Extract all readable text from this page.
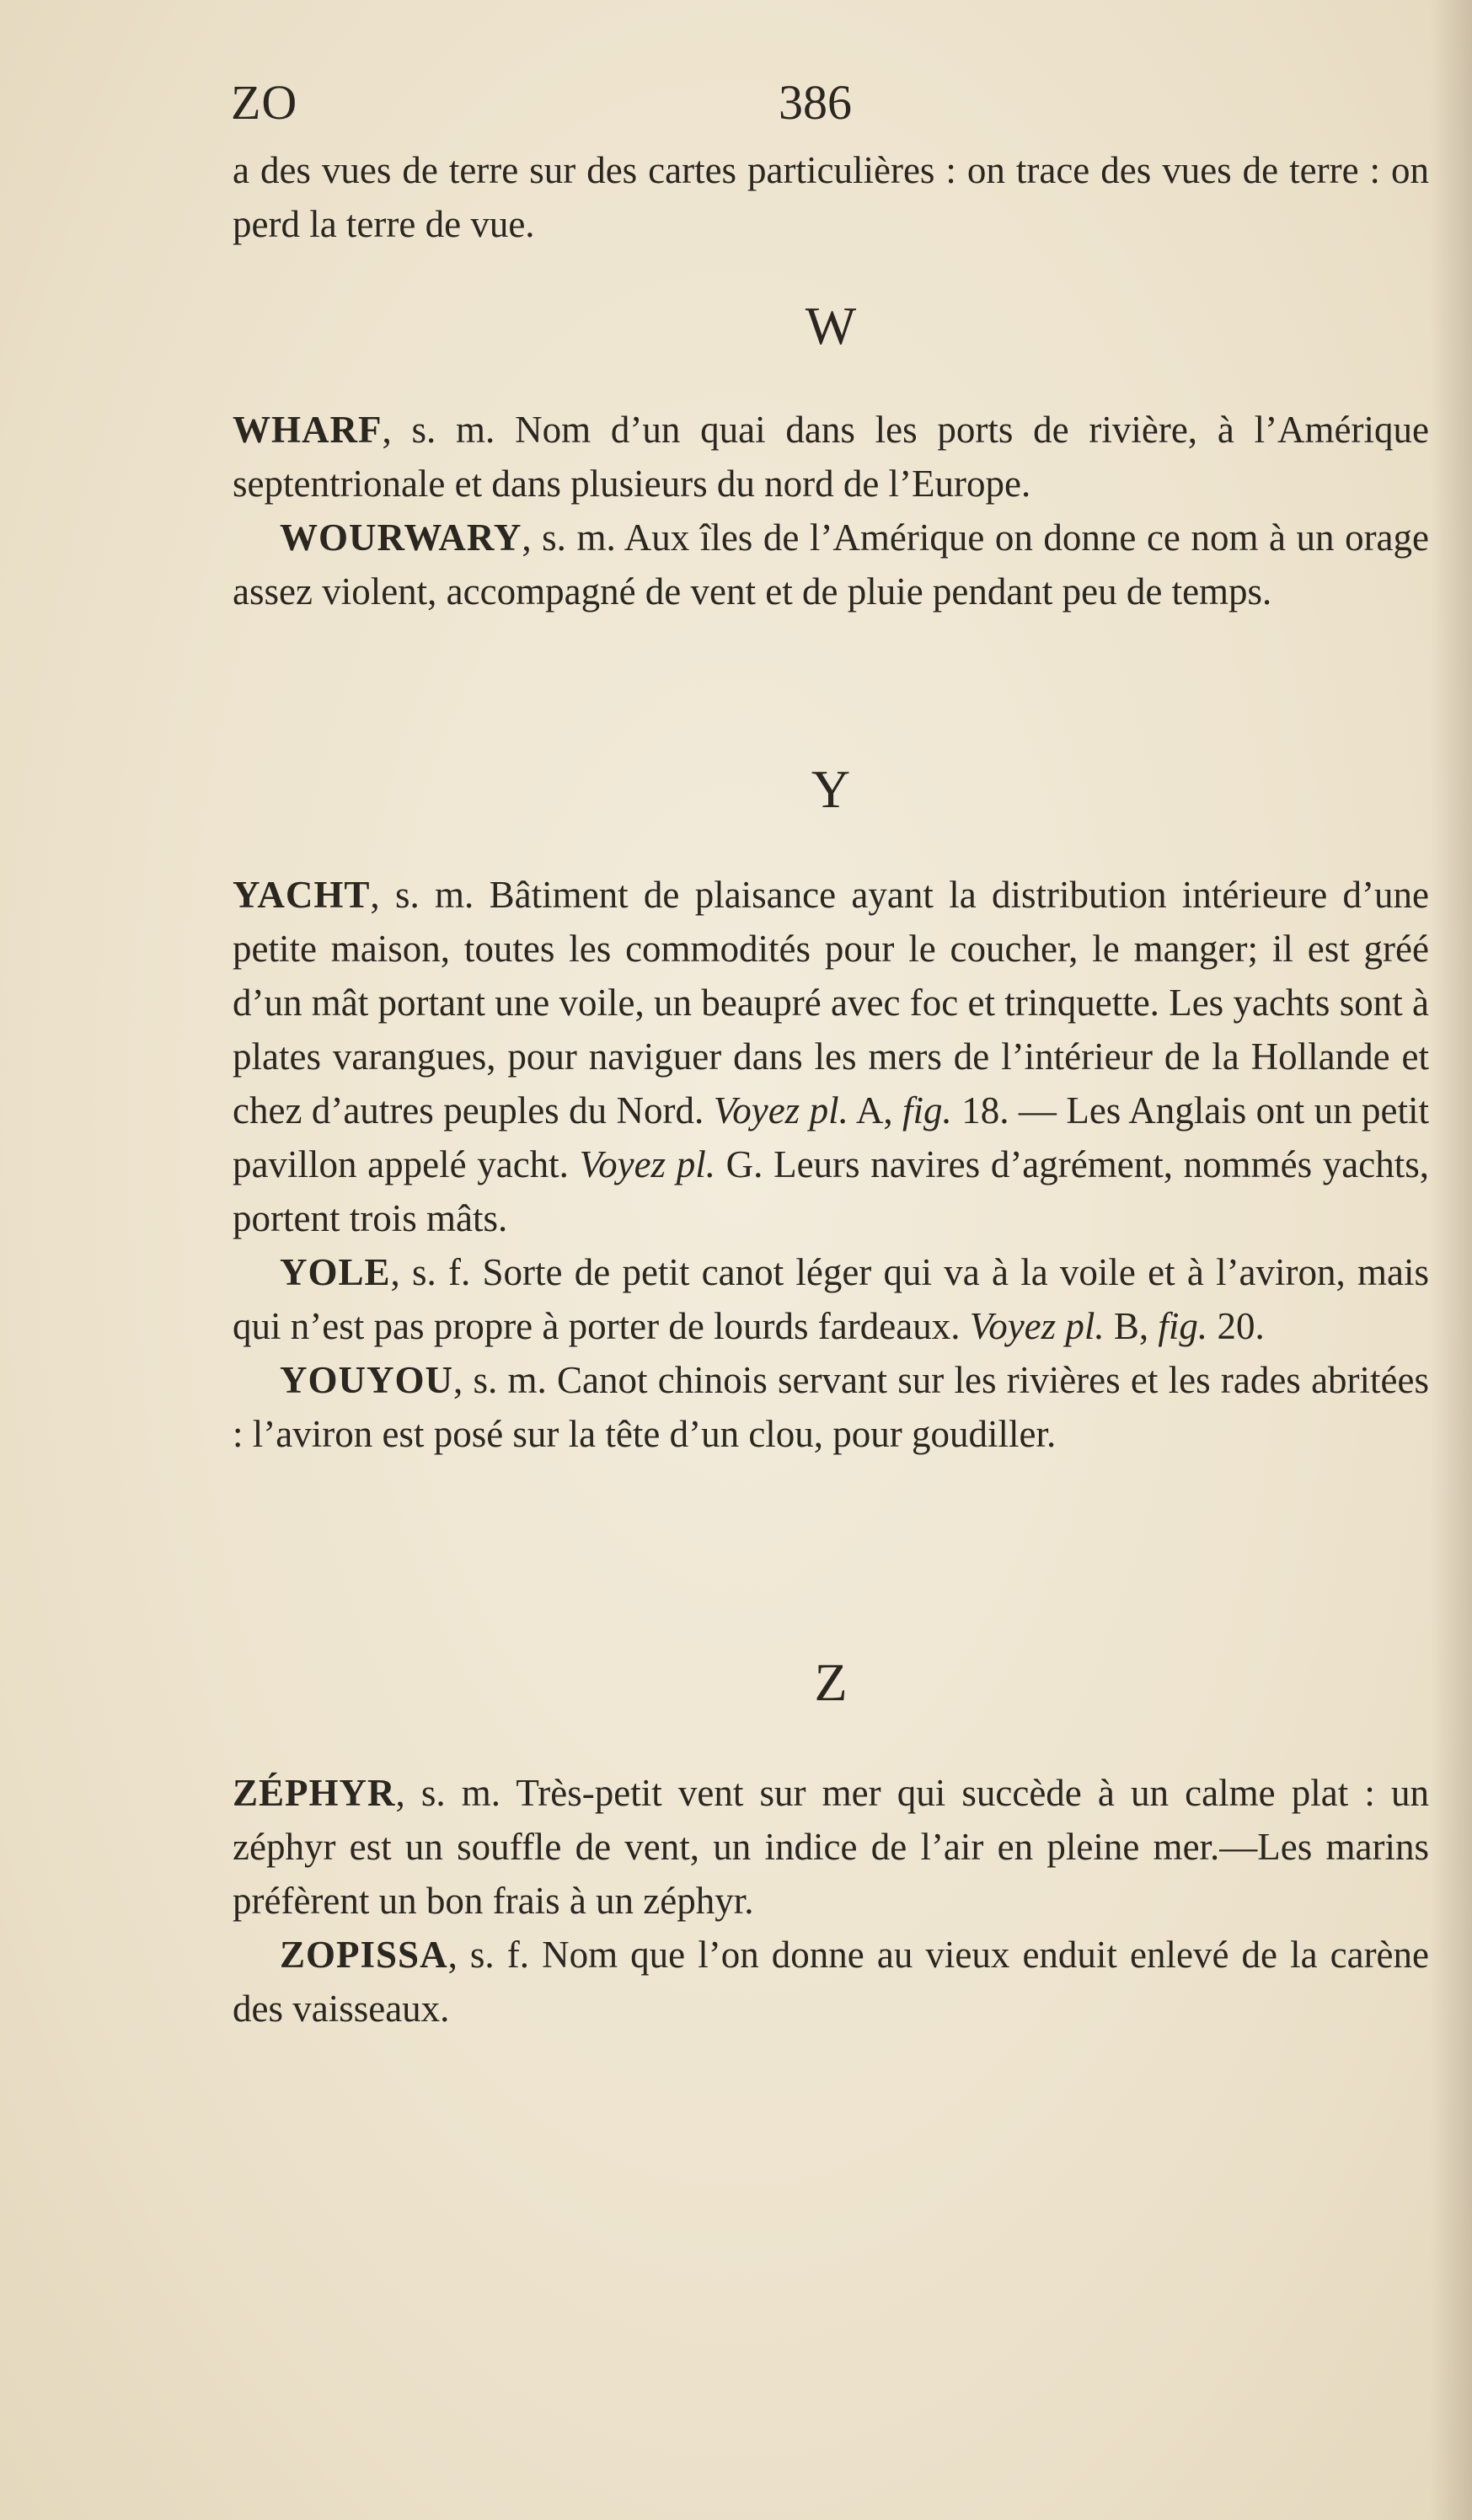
ZO	386

a des vues de terre sur des cartes particulières : on trace des vues de terre : on perd la terre de vue.

W

WHARF, s. m. Nom d’un quai dans les ports de rivière, à l’Amérique septentrionale et dans plusieurs du nord de l’Europe.

WOURWARY, s. m. Aux îles de l’Amérique on donne ce nom à un orage assez violent, accompagné de vent et de pluie pendant peu de temps.

Y

YACHT, s. m. Bâtiment de plaisance ayant la distribution intérieure d’une petite maison, toutes les commodités pour le coucher, le manger; il est gréé d’un mât portant une voile, un beaupré avec foc et trinquette. Les yachts sont à plates varangues, pour naviguer dans les mers de l’intérieur de la Hollande et chez d’autres peuples du Nord. Voyez pl. A, fig. 18. — Les Anglais ont un petit pavillon appelé yacht. Voyez pl. G. Leurs navires d’agrément, nommés yachts, portent trois mâts.

YOLE, s. f. Sorte de petit canot léger qui va à la voile et à l’aviron, mais qui n’est pas propre à porter de lourds fardeaux. Voyez pl. B, fig. 20.

YOUYOU, s. m. Canot chinois servant sur les rivières et les rades abritées : l’aviron est posé sur la tête d’un clou, pour goudiller.

Z

ZÉPHYR, s. m. Très-petit vent sur mer qui succède à un calme plat : un zéphyr est un souffle de vent, un indice de l’air en pleine mer.—Les marins préfèrent un bon frais à un zéphyr.

ZOPISSA, s. f. Nom que l’on donne au vieux enduit enlevé de la carène des vaisseaux.
